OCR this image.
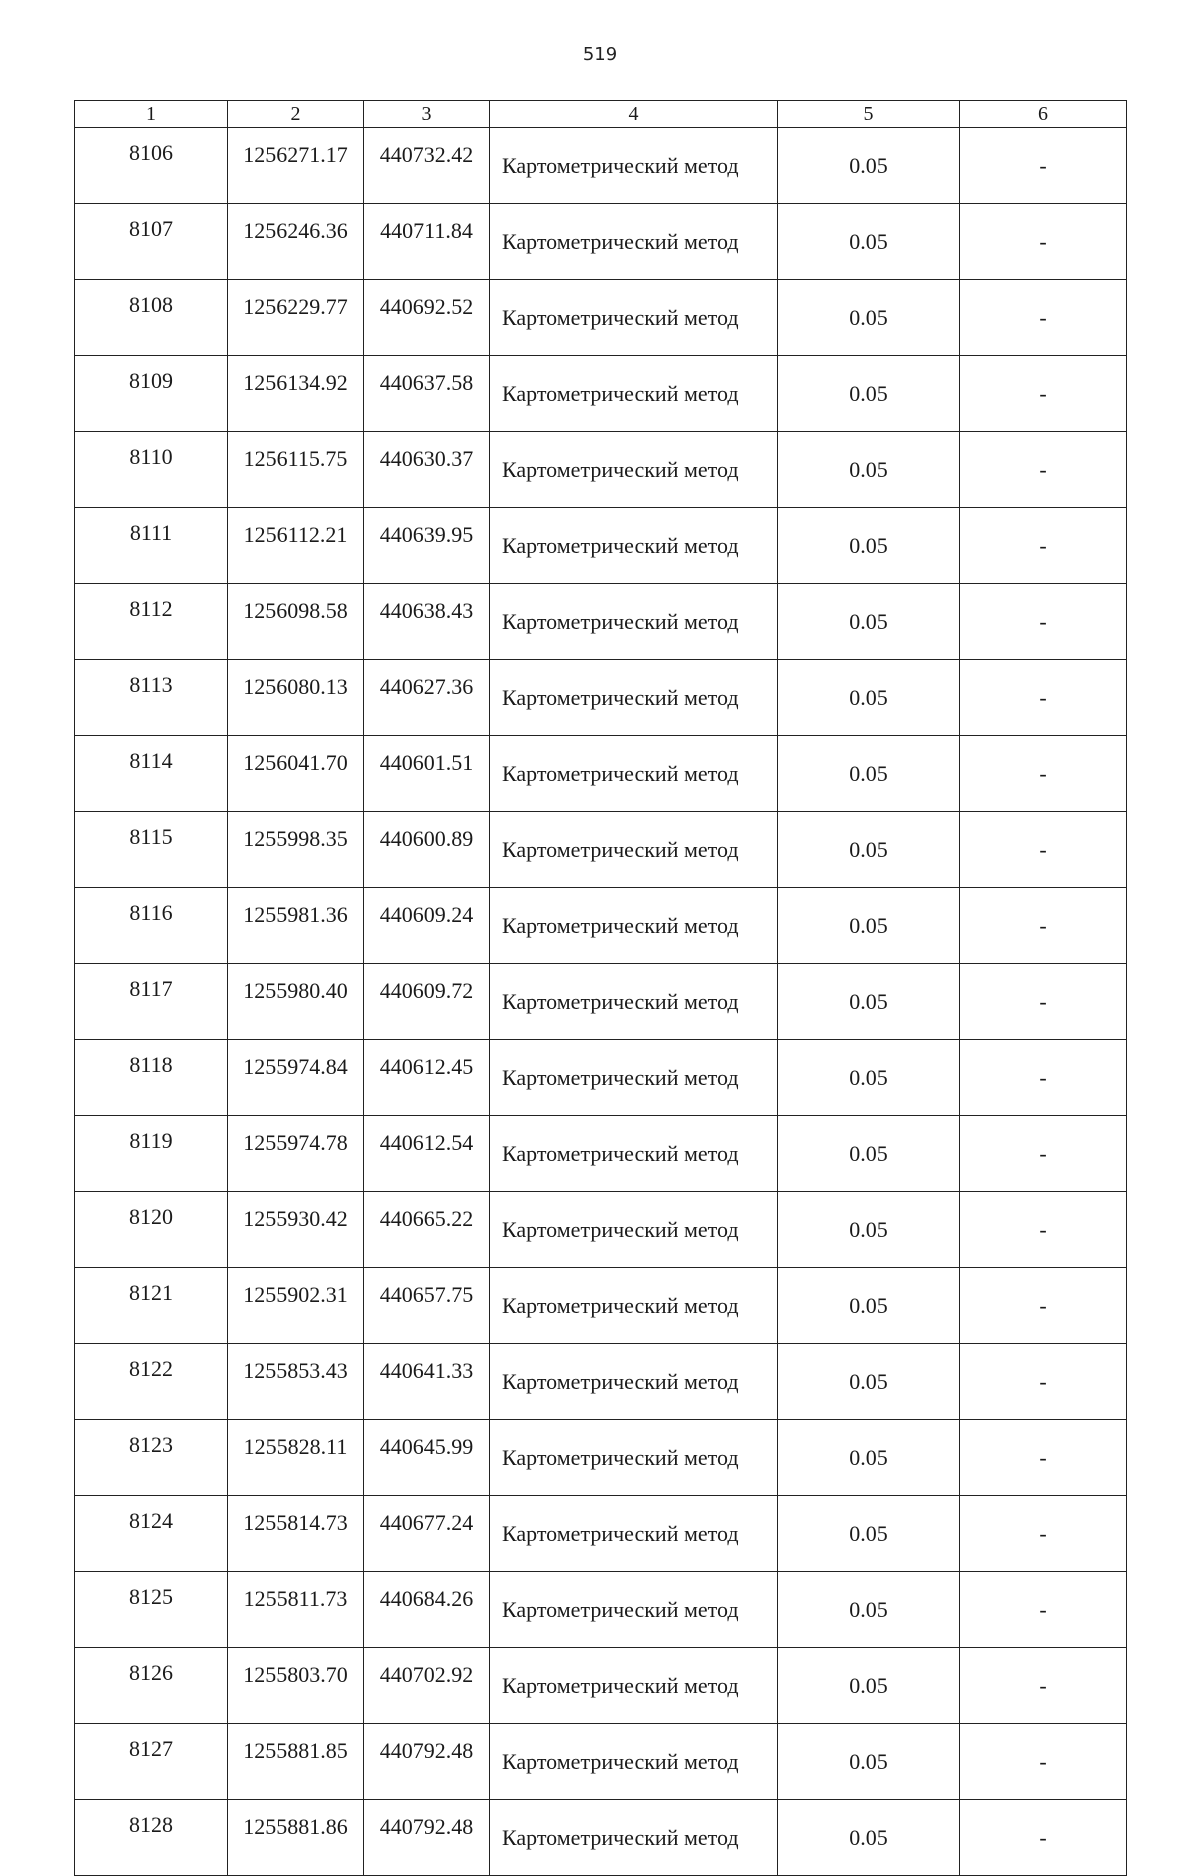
519
1	2	3	4	5	6
8106	1256271.17	440732.42	Картометрический метод	0.05	-
8107	1256246.36	440711.84	Картометрический метод	0.05	-
8108	1256229.77	440692.52	Картометрический метод	0.05	-
8109	1256134.92	440637.58	Картометрический метод	0.05	-
8110	1256115.75	440630.37	Картометрический метод	0.05	-
8111	1256112.21	440639.95	Картометрический метод	0.05	-
8112	1256098.58	440638.43	Картометрический метод	0.05	-
8113	1256080.13	440627.36	Картометрический метод	0.05	-
8114	1256041.70	440601.51	Картометрический метод	0.05	-
8115	1255998.35	440600.89	Картометрический метод	0.05	-
8116	1255981.36	440609.24	Картометрический метод	0.05	-
8117	1255980.40	440609.72	Картометрический метод	0.05	-
8118	1255974.84	440612.45	Картометрический метод	0.05	-
8119	1255974.78	440612.54	Картометрический метод	0.05	-
8120	1255930.42	440665.22	Картометрический метод	0.05	-
8121	1255902.31	440657.75	Картометрический метод	0.05	-
8122	1255853.43	440641.33	Картометрический метод	0.05	-
8123	1255828.11	440645.99	Картометрический метод	0.05	-
8124	1255814.73	440677.24	Картометрический метод	0.05	-
8125	1255811.73	440684.26	Картометрический метод	0.05	-
8126	1255803.70	440702.92	Картометрический метод	0.05	-
8127	1255881.85	440792.48	Картометрический метод	0.05	-
8128	1255881.86	440792.48	Картометрический метод	0.05	-
